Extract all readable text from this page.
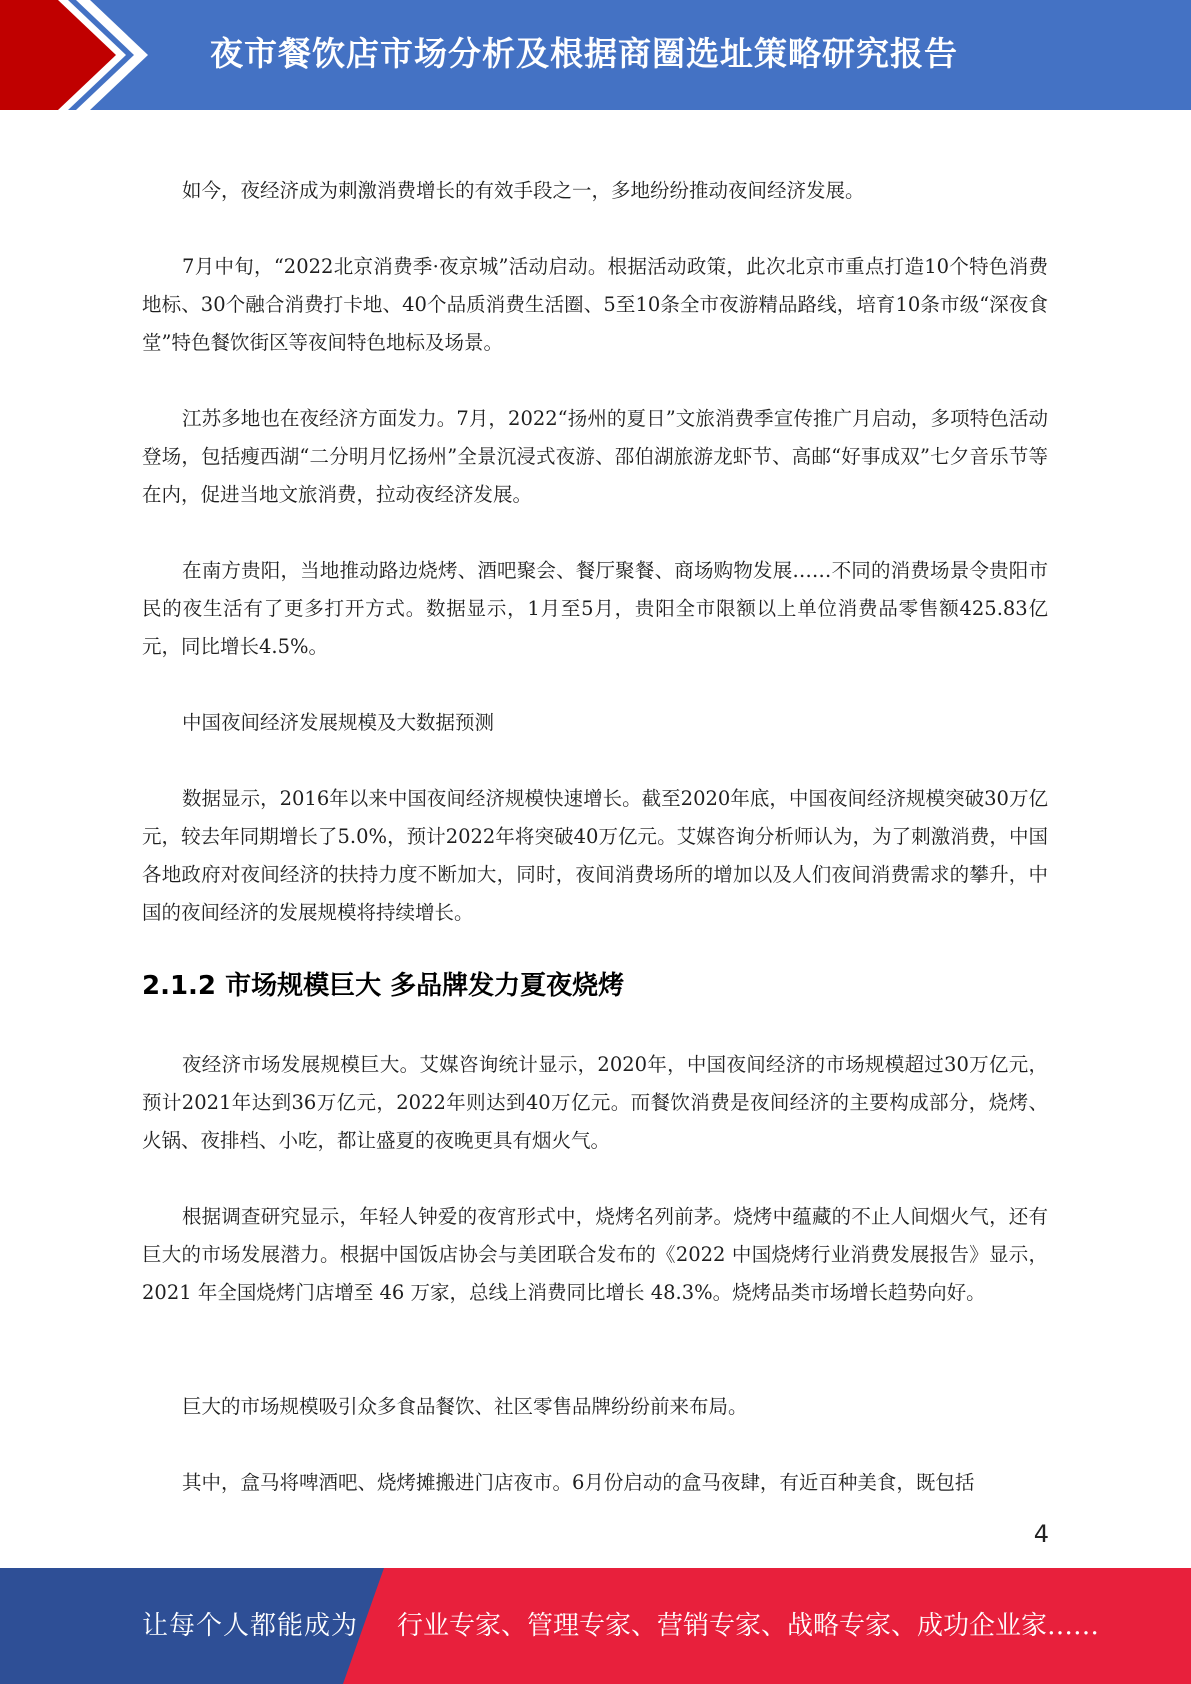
夜市餐饮店市场分析及根据商圈选址策略研究报告

如今，夜经济成为刺激消费增长的有效手段之一，多地纷纷推动夜间经济发展。

7月中旬，“2022北京消费季·夜京城”活动启动。根据活动政策，此次北京市重点打造10个特色消费地标、30个融合消费打卡地、40个品质消费生活圈、5至10条全市夜游精品路线，培育10条市级“深夜食堂”特色餐饮街区等夜间特色地标及场景。

江苏多地也在夜经济方面发力。7月，2022“扬州的夏日”文旅消费季宣传推广月启动，多项特色活动登场，包括瘦西湖“二分明月忆扬州”全景沉浸式夜游、邵伯湖旅游龙虾节、高邮“好事成双”七夕音乐节等在内，促进当地文旅消费，拉动夜经济发展。

在南方贵阳，当地推动路边烧烤、酒吧聚会、餐厅聚餐、商场购物发展……不同的消费场景令贵阳市民的夜生活有了更多打开方式。数据显示，1月至5月，贵阳全市限额以上单位消费品零售额425.83亿元，同比增长4.5%。

中国夜间经济发展规模及大数据预测

数据显示，2016年以来中国夜间经济规模快速增长。截至2020年底，中国夜间经济规模突破30万亿元，较去年同期增长了5.0%，预计2022年将突破40万亿元。艾媒咨询分析师认为，为了刺激消费，中国各地政府对夜间经济的扶持力度不断加大，同时，夜间消费场所的增加以及人们夜间消费需求的攀升，中国的夜间经济的发展规模将持续增长。

2.1.2 市场规模巨大 多品牌发力夏夜烧烤

夜经济市场发展规模巨大。艾媒咨询统计显示，2020年，中国夜间经济的市场规模超过30万亿元，预计2021年达到36万亿元，2022年则达到40万亿元。而餐饮消费是夜间经济的主要构成部分，烧烤、火锅、夜排档、小吃，都让盛夏的夜晚更具有烟火气。

根据调查研究显示，年轻人钟爱的夜宵形式中，烧烤名列前茅。烧烤中蕴藏的不止人间烟火气，还有巨大的市场发展潜力。根据中国饭店协会与美团联合发布的《2022 中国烧烤行业消费发展报告》显示，2021 年全国烧烤门店增至 46 万家，总线上消费同比增长 48.3%。烧烤品类市场增长趋势向好。

巨大的市场规模吸引众多食品餐饮、社区零售品牌纷纷前来布局。

其中，盒马将啤酒吧、烧烤摊搬进门店夜市。6月份启动的盒马夜肆，有近百种美食，既包括

4
让每个人都能成为 行业专家、管理专家、营销专家、战略专家、成功企业家……
